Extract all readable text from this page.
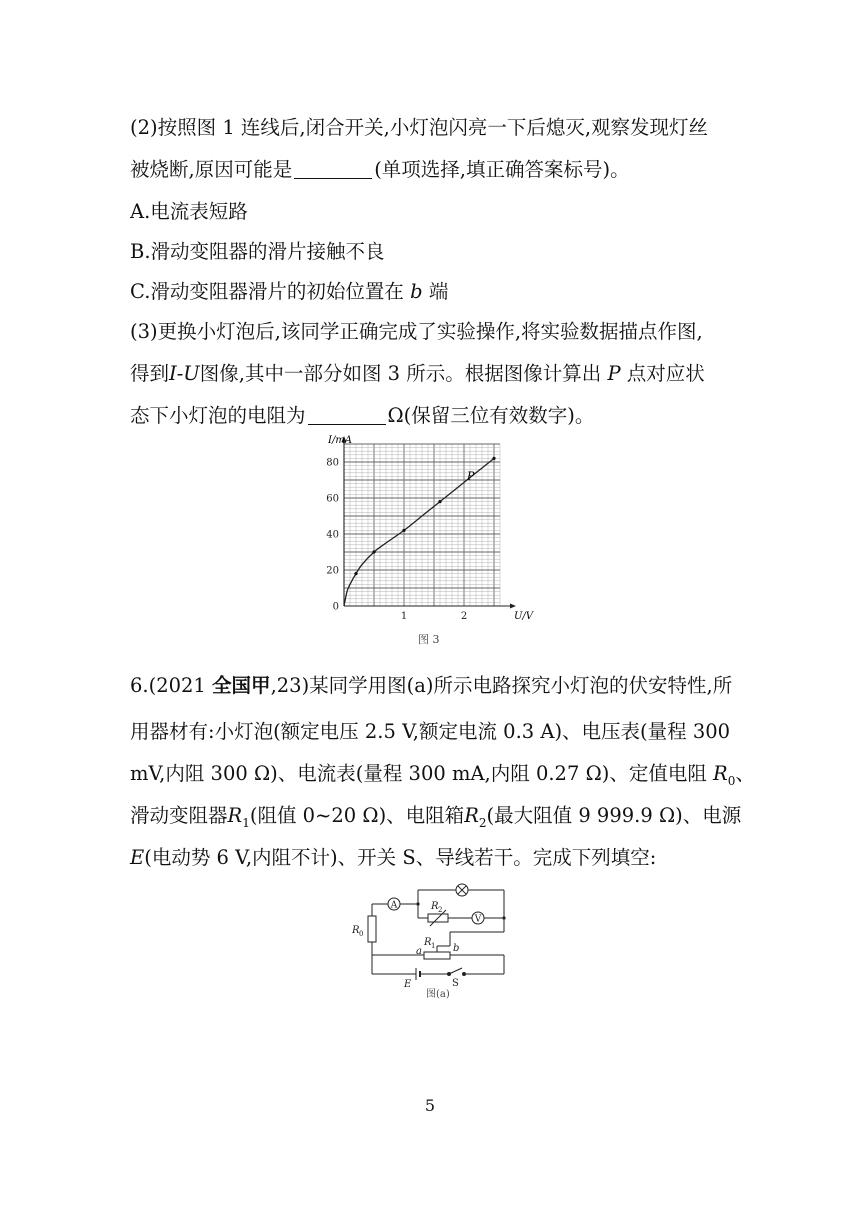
(2)按照图 1 连线后,闭合开关,小灯泡闪亮一下后熄灭,观察发现灯丝
被烧断,原因可能是	(单项选择,填正确答案标号)。
A.电流表短路
B.滑动变阻器的滑片接触不良
C.滑动变阻器滑片的初始位置在 b 端
(3)更换小灯泡后,该同学正确完成了实验操作,将实验数据描点作图,
得到I-U图像,其中一部分如图 3 所示。根据图像计算出 P 点对应状
态下小灯泡的电阻为	Ω(保留三位有效数字)。
0
20
40
60
80
1	2
I/mA
U/V
P
图 3
6.(2021 全国甲,23)某同学用图(a)所示电路探究小灯泡的伏安特性,所
用器材有:小灯泡(额定电压 2.5 V,额定电流 0.3 A)、电压表(量程 300
mV,内阻 300 Ω)、电流表(量程 300 mA,内阻 0.27 Ω)、定值电阻 $R_0$、
滑动变阻器$R_1$(阻值 0~20 Ω)、电阻箱$R_2$(最大阻值 9 999.9 Ω)、电源
E(电动势 6 V,内阻不计)、开关 S、导线若干。完成下列填空:
A
V
R 2
R 0
R 1
a	b
E	S
图(a)
5
